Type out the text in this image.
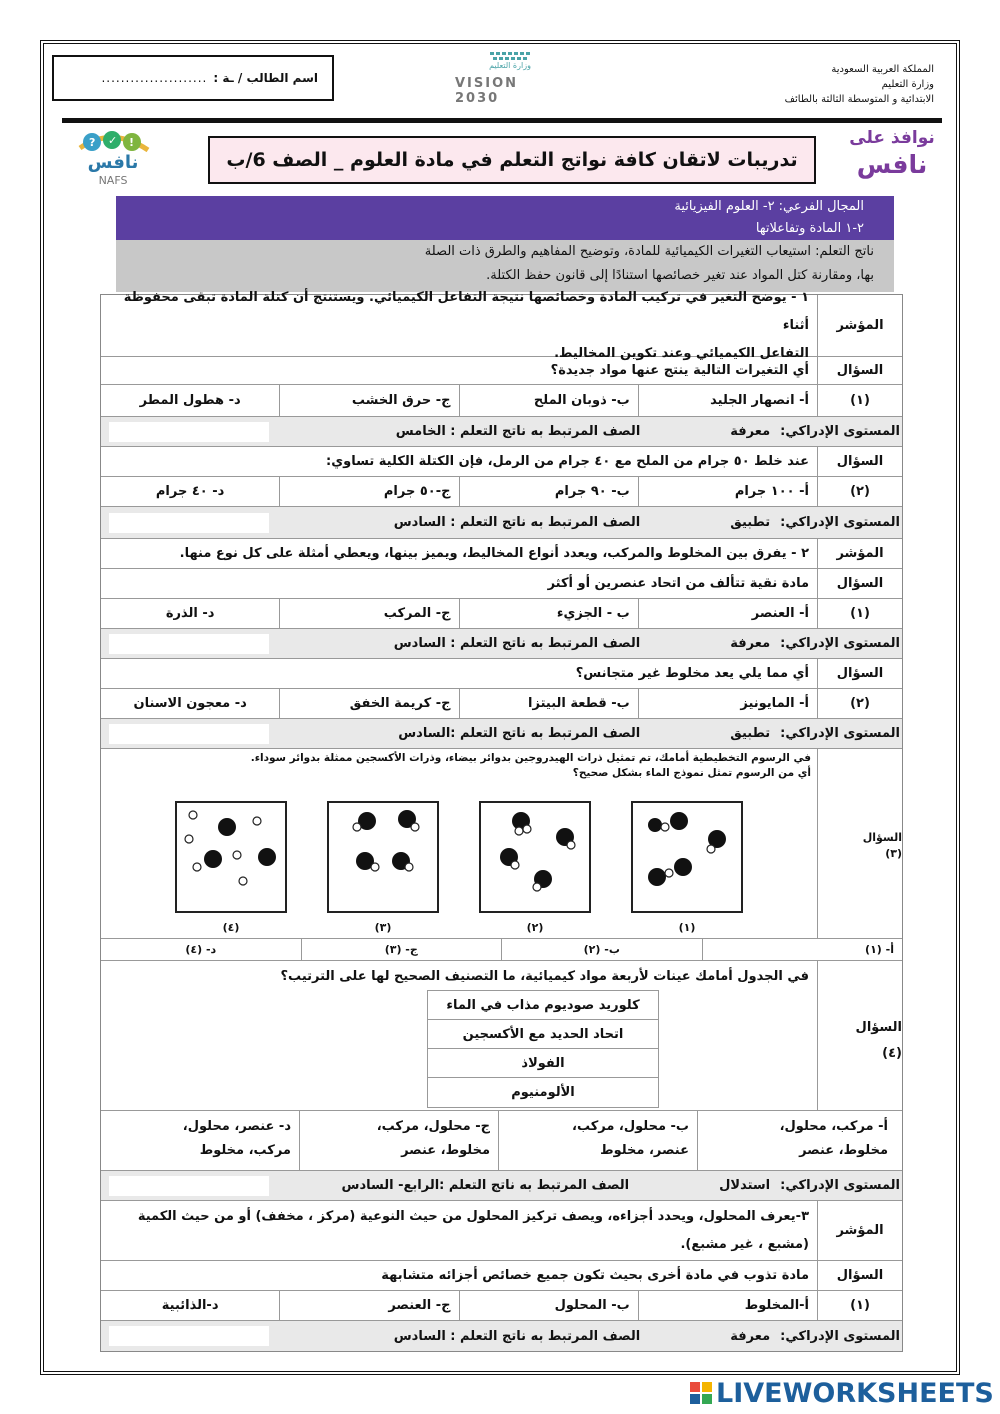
المملكة العربية السعودية
وزارة التعليم
الابتدائية و المتوسطة الثالثة بالطائف
وزارة التعليم
VISION 2030
اسم الطالب / ـة :
......................
? ✓ !
نافس
NAFS
تدريبات لاتقان كافة نواتج التعلم في مادة العلوم _ الصف 6/ب
نوافذ على
نافس
المجال الفرعي: ٢- العلوم الفيزيائية
٢-١ المادة وتفاعلاتها
ناتج التعلم: استيعاب التغيرات الكيميائية للمادة، وتوضيح المفاهيم والطرق ذات الصلة
بها، ومقارنة كتل المواد عند تغير خصائصها استنادًا إلى قانون حفظ الكتلة.
المؤشر
١ - يوضح التغير في تركيب المادة وخصائصها نتيجة التفاعل الكيميائي. ويستنتج أن كتلة المادة تبقى محفوظة أثناء
التفاعل الكيميائي وعند تكوين المخاليط.
السؤال
أي التغيرات التالية ينتج عنها مواد جديدة؟
(١)
أ- انصهار الجليد
ب- ذوبان الملح
ج- حرق الخشب
د- هطول المطر
المستوى الإدراكي:
معرفة
الصف المرتبط به ناتج التعلم : الخامس
السؤال
عند خلط ٥٠ جرام من الملح مع ٤٠ جرام من الرمل، فإن الكتلة الكلية تساوي:
(٢)
أ- ١٠٠ جرام
ب- ٩٠ جرام
ج-٥٠ جرام
د- ٤٠ جرام
المستوى الإدراكي:
تطبيق
الصف المرتبط به ناتج التعلم : السادس
المؤشر
٢ - يفرق بين المخلوط والمركب، ويعدد أنواع المخاليط، ويميز بينها، ويعطي أمثلة على كل نوع منها.
السؤال
مادة نقية تتألف من اتحاد عنصرين أو أكثر
(١)
أ- العنصر
ب - الجزيء
ج- المركب
د- الذرة
المستوى الإدراكي:
معرفة
الصف المرتبط به ناتج التعلم : السادس
السؤال
أي مما يلي يعد مخلوط غير متجانس؟
(٢)
أ- المايونيز
ب- قطعة البيتزا
ج- كريمة الخفق
د- معجون الاسنان
المستوى الإدراكي:
تطبيق
الصف المرتبط به ناتج التعلم :السادس
السؤال
(٣)
في الرسوم التخطيطية أمامك، تم تمثيل ذرات الهيدروجين بدوائر بيضاء، وذرات الأكسجين ممثلة بدوائر سوداء.
أي من الرسوم تمثل نموذج الماء بشكل صحيح؟
(٤)	(٣)	(٢)	(١)
أ- (١)
ب- (٢)
ج- (٣)
د- (٤)
السؤال
(٤)
في الجدول أمامك عينات لأربعة مواد كيميائية، ما التصنيف الصحيح لها على الترتيب؟
كلوريد صوديوم مذاب في الماء
اتحاد الحديد مع الأكسجين
الفولاذ
الألومنيوم
أ- مركب، محلول،
مخلوط، عنصر
ب- محلول، مركب،
عنصر، مخلوط
ج- محلول، مركب،
مخلوط، عنصر
د- عنصر، محلول،
مركب، مخلوط
المستوى الإدراكي:
استدلال
الصف المرتبط به ناتج التعلم :الرابع- السادس
المؤشر
٣-يعرف المحلول، ويحدد أجزاءه، ويصف تركيز المحلول من حيث النوعية (مركز ، مخفف) أو من حيث الكمية
(مشبع ، غير مشبع).
السؤال
مادة تذوب في مادة أخرى بحيث تكون جميع خصائص أجزائه متشابهة
(١)
أ-المخلوط
ب- المحلول
ج- العنصر
د-الذائبية
المستوى الإدراكي:
معرفة
الصف المرتبط به ناتج التعلم : السادس
LIVEWORKSHEETS
